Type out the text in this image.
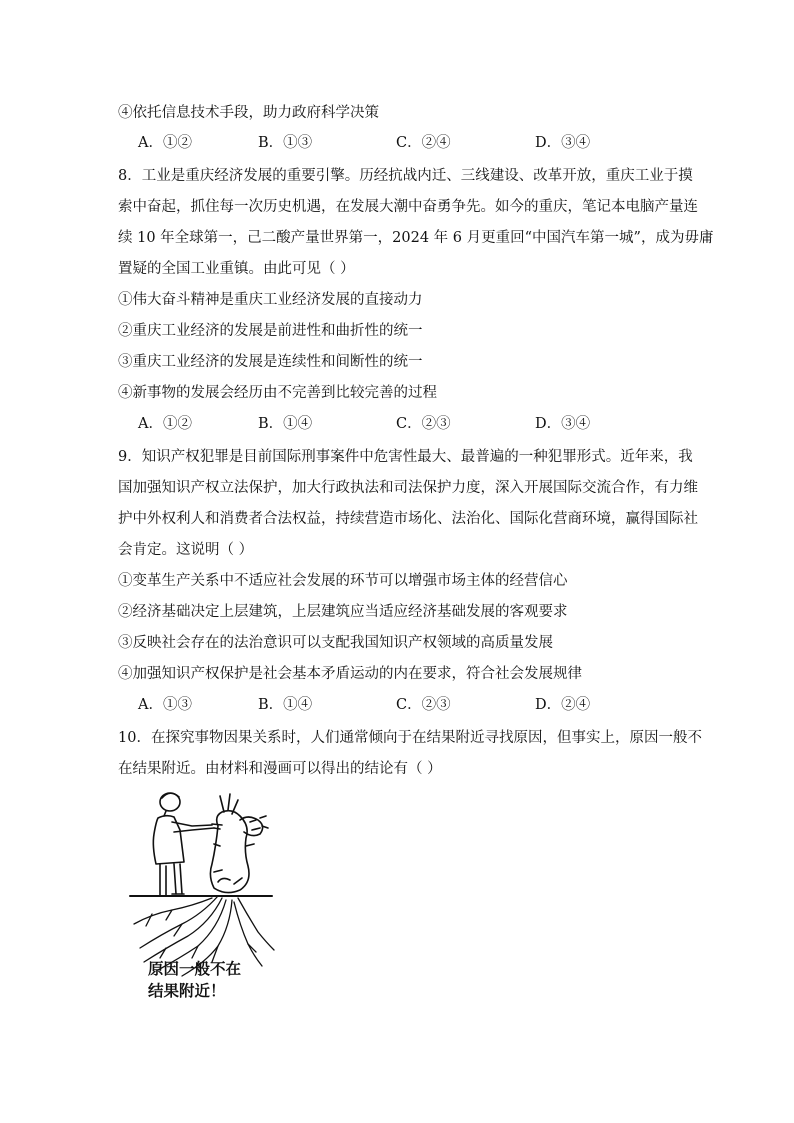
④依托信息技术手段，助力政府科学决策
A．①②	B．①③	C．②④	D．③④
8．工业是重庆经济发展的重要引擎。历经抗战内迁、三线建设、改革开放，重庆工业于摸
索中奋起，抓住每一次历史机遇，在发展大潮中奋勇争先。如今的重庆，笔记本电脑产量连
续 10 年全球第一，己二酸产量世界第一，2024 年 6 月更重回“中国汽车第一城”，成为毋庸
置疑的全国工业重镇。由此可见（ ）
①伟大奋斗精神是重庆工业经济发展的直接动力
②重庆工业经济的发展是前进性和曲折性的统一
③重庆工业经济的发展是连续性和间断性的统一
④新事物的发展会经历由不完善到比较完善的过程
A．①②	B．①④	C．②③	D．③④
9．知识产权犯罪是目前国际刑事案件中危害性最大、最普遍的一种犯罪形式。近年来，我
国加强知识产权立法保护，加大行政执法和司法保护力度，深入开展国际交流合作，有力维
护中外权利人和消费者合法权益，持续营造市场化、法治化、国际化营商环境，赢得国际社
会肯定。这说明（ ）
①变革生产关系中不适应社会发展的环节可以增强市场主体的经营信心
②经济基础决定上层建筑，上层建筑应当适应经济基础发展的客观要求
③反映社会存在的法治意识可以支配我国知识产权领域的高质量发展
④加强知识产权保护是社会基本矛盾运动的内在要求，符合社会发展规律
A．①③	B．①④	C．②③	D．②④
10．在探究事物因果关系时，人们通常倾向于在结果附近寻找原因，但事实上，原因一般不
在结果附近。由材料和漫画可以得出的结论有（ ）
原因一般不在
结果附近！
